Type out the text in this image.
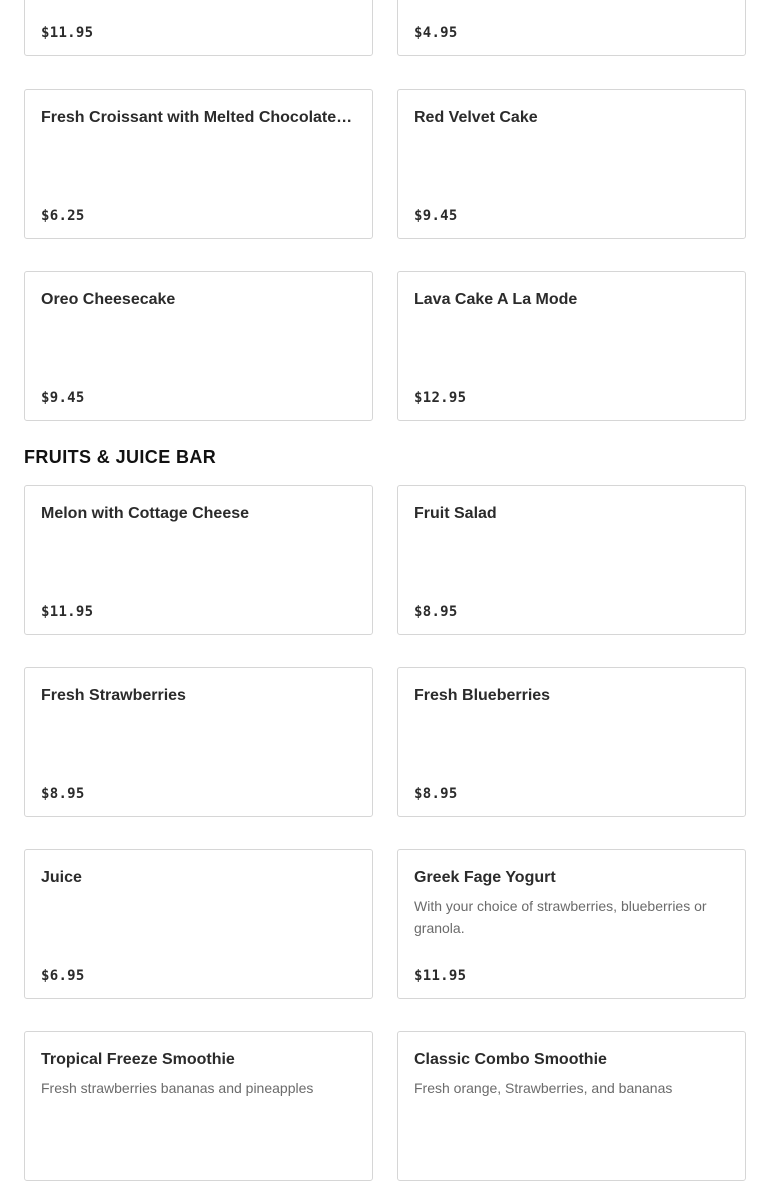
$11.95	$4.95
Fresh Croissant with Melted Chocolate…
$6.25
Red Velvet Cake
$9.45
Oreo Cheesecake
$9.45
Lava Cake A La Mode
$12.95
FRUITS & JUICE BAR
Melon with Cottage Cheese
$11.95
Fruit Salad
$8.95
Fresh Strawberries
$8.95
Fresh Blueberries
$8.95
Juice
$6.95
Greek Fage Yogurt
With your choice of strawberries, blueberries or granola.
$11.95
Tropical Freeze Smoothie
Fresh strawberries bananas and pineapples
Classic Combo Smoothie
Fresh orange, Strawberries, and bananas
